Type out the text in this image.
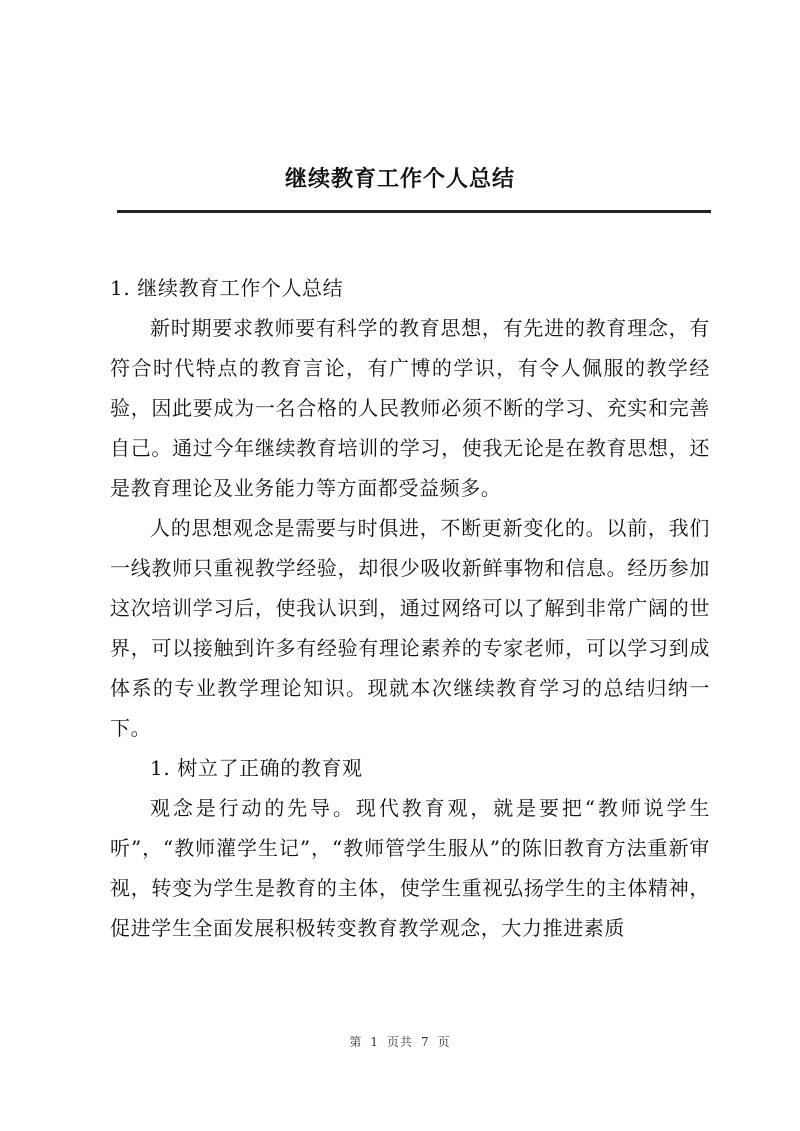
继续教育工作个人总结

1. 继续教育工作个人总结

新时期要求教师要有科学的教育思想，有先进的教育理念，有符合时代特点的教育言论，有广博的学识，有令人佩服的教学经验，因此要成为一名合格的人民教师必须不断的学习、充实和完善自己。通过今年继续教育培训的学习，使我无论是在教育思想，还是教育理论及业务能力等方面都受益频多。

人的思想观念是需要与时俱进，不断更新变化的。以前，我们一线教师只重视教学经验，却很少吸收新鲜事物和信息。经历参加这次培训学习后，使我认识到，通过网络可以了解到非常广阔的世界，可以接触到许多有经验有理论素养的专家老师，可以学习到成体系的专业教学理论知识。现就本次继续教育学习的总结归纳一下。

1. 树立了正确的教育观

观念是行动的先导。现代教育观，就是要把“教师说学生听”，“教师灌学生记”，“教师管学生服从”的陈旧教育方法重新审视，转变为学生是教育的主体，使学生重视弘扬学生的主体精神，促进学生全面发展积极转变教育教学观念，大力推进素质

第 1 页共 7 页
